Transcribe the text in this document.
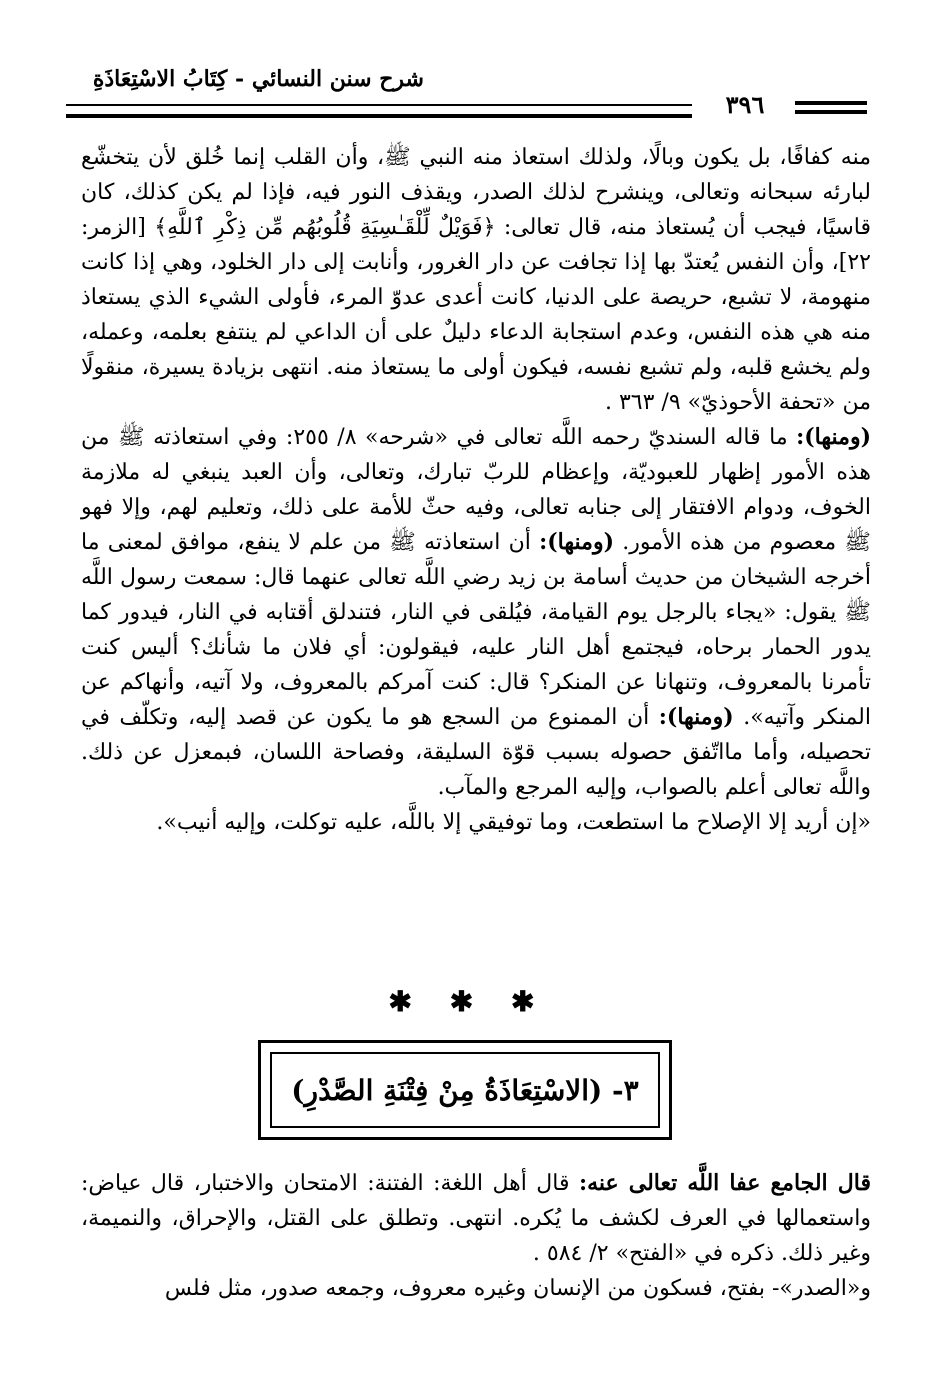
شرح سنن النسائي - كِتَابُ الاسْتِعَاذَةِ
٣٩٦

منه كفافًا، بل يكون وبالًا، ولذلك استعاذ منه النبي ﷺ، وأن القلب إنما خُلق لأن يتخشّع لبارئه سبحانه وتعالى، وينشرح لذلك الصدر، ويقذف النور فيه، فإذا لم يكن كذلك، كان قاسيًا، فيجب أن يُستعاذ منه، قال تعالى: ﴿فَوَيْلٌ لِّلْقَـٰسِيَةِ قُلُوبُهُم مِّن ذِكْرِ ٱللَّهِ﴾ [الزمر: ٢٢]، وأن النفس يُعتدّ بها إذا تجافت عن دار الغرور، وأنابت إلى دار الخلود، وهي إذا كانت منهومة، لا تشبع، حريصة على الدنيا، كانت أعدى عدوّ المرء، فأولى الشيء الذي يستعاذ منه هي هذه النفس، وعدم استجابة الدعاء دليلٌ على أن الداعي لم ينتفع بعلمه، وعمله، ولم يخشع قلبه، ولم تشبع نفسه، فيكون أولى ما يستعاذ منه. انتهى بزيادة يسيرة، منقولًا من «تحفة الأحوذيّ» ٩/ ٣٦٣ .

(ومنها): ما قاله السنديّ رحمه اللَّه تعالى في «شرحه» ٨/ ٢٥٥: وفي استعاذته ﷺ من هذه الأمور إظهار للعبوديّة، وإعظام للربّ تبارك، وتعالى، وأن العبد ينبغي له ملازمة الخوف، ودوام الافتقار إلى جنابه تعالى، وفيه حثّ للأمة على ذلك، وتعليم لهم، وإلا فهو ﷺ معصوم من هذه الأمور. (ومنها): أن استعاذته ﷺ من علم لا ينفع، موافق لمعنى ما أخرجه الشيخان من حديث أسامة بن زيد رضي اللَّه تعالى عنهما قال: سمعت رسول اللَّه ﷺ يقول: «يجاء بالرجل يوم القيامة، فيُلقى في النار، فتندلق أقتابه في النار، فيدور كما يدور الحمار برحاه، فيجتمع أهل النار عليه، فيقولون: أي فلان ما شأنك؟ أليس كنت تأمرنا بالمعروف، وتنهانا عن المنكر؟ قال: كنت آمركم بالمعروف، ولا آتيه، وأنهاكم عن المنكر وآتيه». (ومنها): أن الممنوع من السجع هو ما يكون عن قصد إليه، وتكلّف في تحصيله، وأما مااتّفق حصوله بسبب قوّة السليقة، وفصاحة اللسان، فبمعزل عن ذلك. واللَّه تعالى أعلم بالصواب، وإليه المرجع والمآب.

«إن أريد إلا الإصلاح ما استطعت، وما توفيقي إلا باللَّه، عليه توكلت، وإليه أنيب».

✱ ✱ ✱
٣- (الاسْتِعَاذَةُ مِنْ فِتْنَةِ الصَّدْرِ)

قال الجامع عفا اللَّه تعالى عنه: قال أهل اللغة: الفتنة: الامتحان والاختبار، قال عياض: واستعمالها في العرف لكشف ما يُكره. انتهى. وتطلق على القتل، والإحراق، والنميمة، وغير ذلك. ذكره في «الفتح» ٢/ ٥٨٤ .

و«الصدر»- بفتح، فسكون من الإنسان وغيره معروف، وجمعه صدور، مثل فلس
